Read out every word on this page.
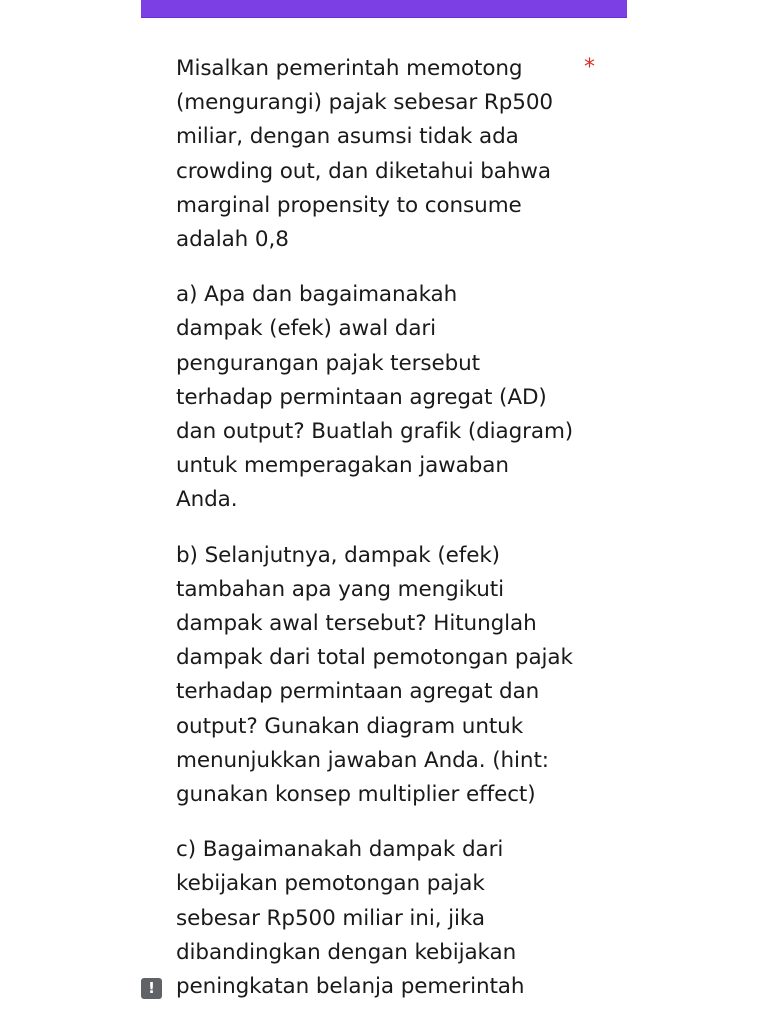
Misalkan pemerintah memotong
(mengurangi) pajak sebesar Rp500
miliar, dengan asumsi tidak ada
crowding out, dan diketahui bahwa
marginal propensity to consume
adalah 0,8

a) Apa dan bagaimanakah
dampak (efek) awal dari
pengurangan pajak tersebut
terhadap permintaan agregat (AD)
dan output? Buatlah grafik (diagram)
untuk memperagakan jawaban
Anda.

b) Selanjutnya, dampak (efek)
tambahan apa yang mengikuti
dampak awal tersebut? Hitunglah
dampak dari total pemotongan pajak
terhadap permintaan agregat dan
output? Gunakan diagram untuk
menunjukkan jawaban Anda. (hint:
gunakan konsep multiplier effect)

c) Bagaimanakah dampak dari
kebijakan pemotongan pajak
sebesar Rp500 miliar ini, jika
dibandingkan dengan kebijakan
peningkatan belanja pemerintah

*
!
